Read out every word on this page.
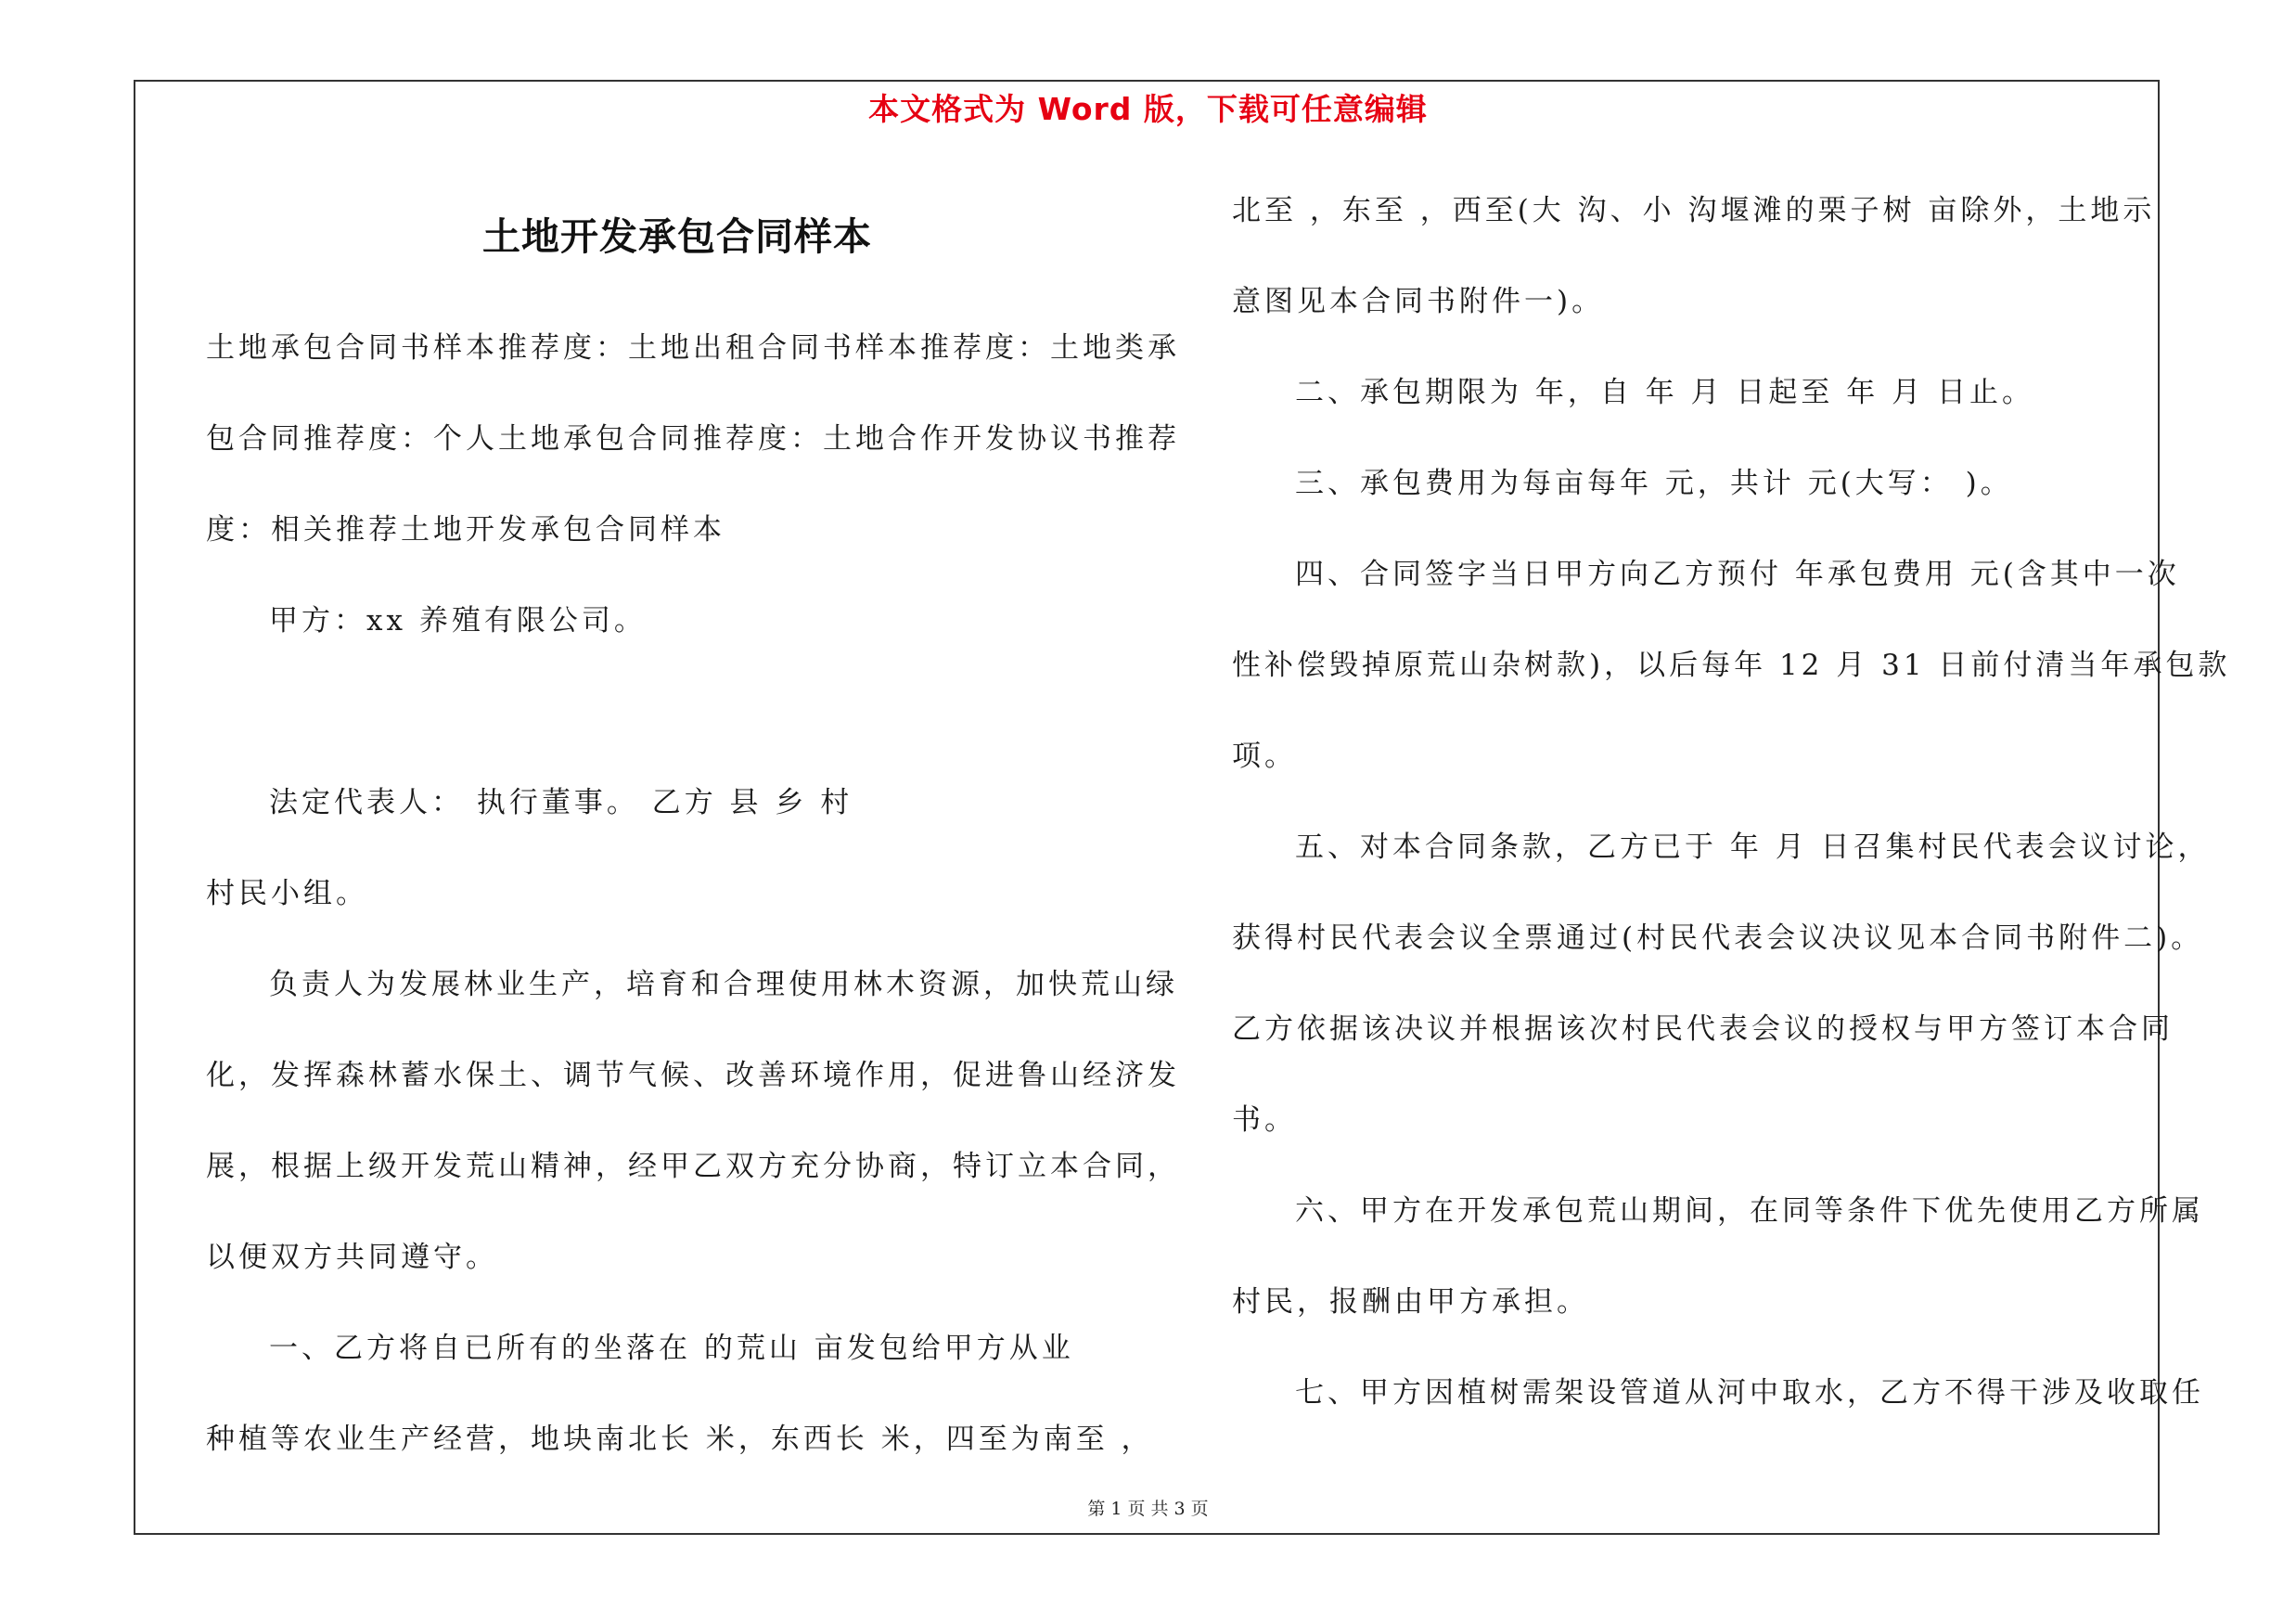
本文格式为 Word 版，下载可任意编辑
土地开发承包合同样本
土地承包合同书样本推荐度：土地出租合同书样本推荐度：土地类承
包合同推荐度：个人土地承包合同推荐度：土地合作开发协议书推荐
度：相关推荐土地开发承包合同样本
甲方：xx 养殖有限公司。
法定代表人： 执行董事。 乙方 县 乡 村
村民小组。
负责人为发展林业生产，培育和合理使用林木资源，加快荒山绿
化，发挥森林蓄水保土、调节气候、改善环境作用，促进鲁山经济发
展，根据上级开发荒山精神，经甲乙双方充分协商，特订立本合同，
以便双方共同遵守。
一、乙方将自已所有的坐落在 的荒山 亩发包给甲方从业
种植等农业生产经营，地块南北长 米，东西长 米，四至为南至 ，
北至 ，东至 ，西至(大 沟、小 沟堰滩的栗子树 亩除外，土地示
意图见本合同书附件一)。
二、承包期限为 年，自 年 月 日起至 年 月 日止。
三、承包费用为每亩每年 元，共计 元(大写： )。
四、合同签字当日甲方向乙方预付 年承包费用 元(含其中一次
性补偿毁掉原荒山杂树款)，以后每年 12 月 31 日前付清当年承包款
项。
五、对本合同条款，乙方已于 年 月 日召集村民代表会议讨论，
获得村民代表会议全票通过(村民代表会议决议见本合同书附件二)。
乙方依据该决议并根据该次村民代表会议的授权与甲方签订本合同
书。
六、甲方在开发承包荒山期间，在同等条件下优先使用乙方所属
村民，报酬由甲方承担。
七、甲方因植树需架设管道从河中取水，乙方不得干涉及收取任
第 1 页 共 3 页
